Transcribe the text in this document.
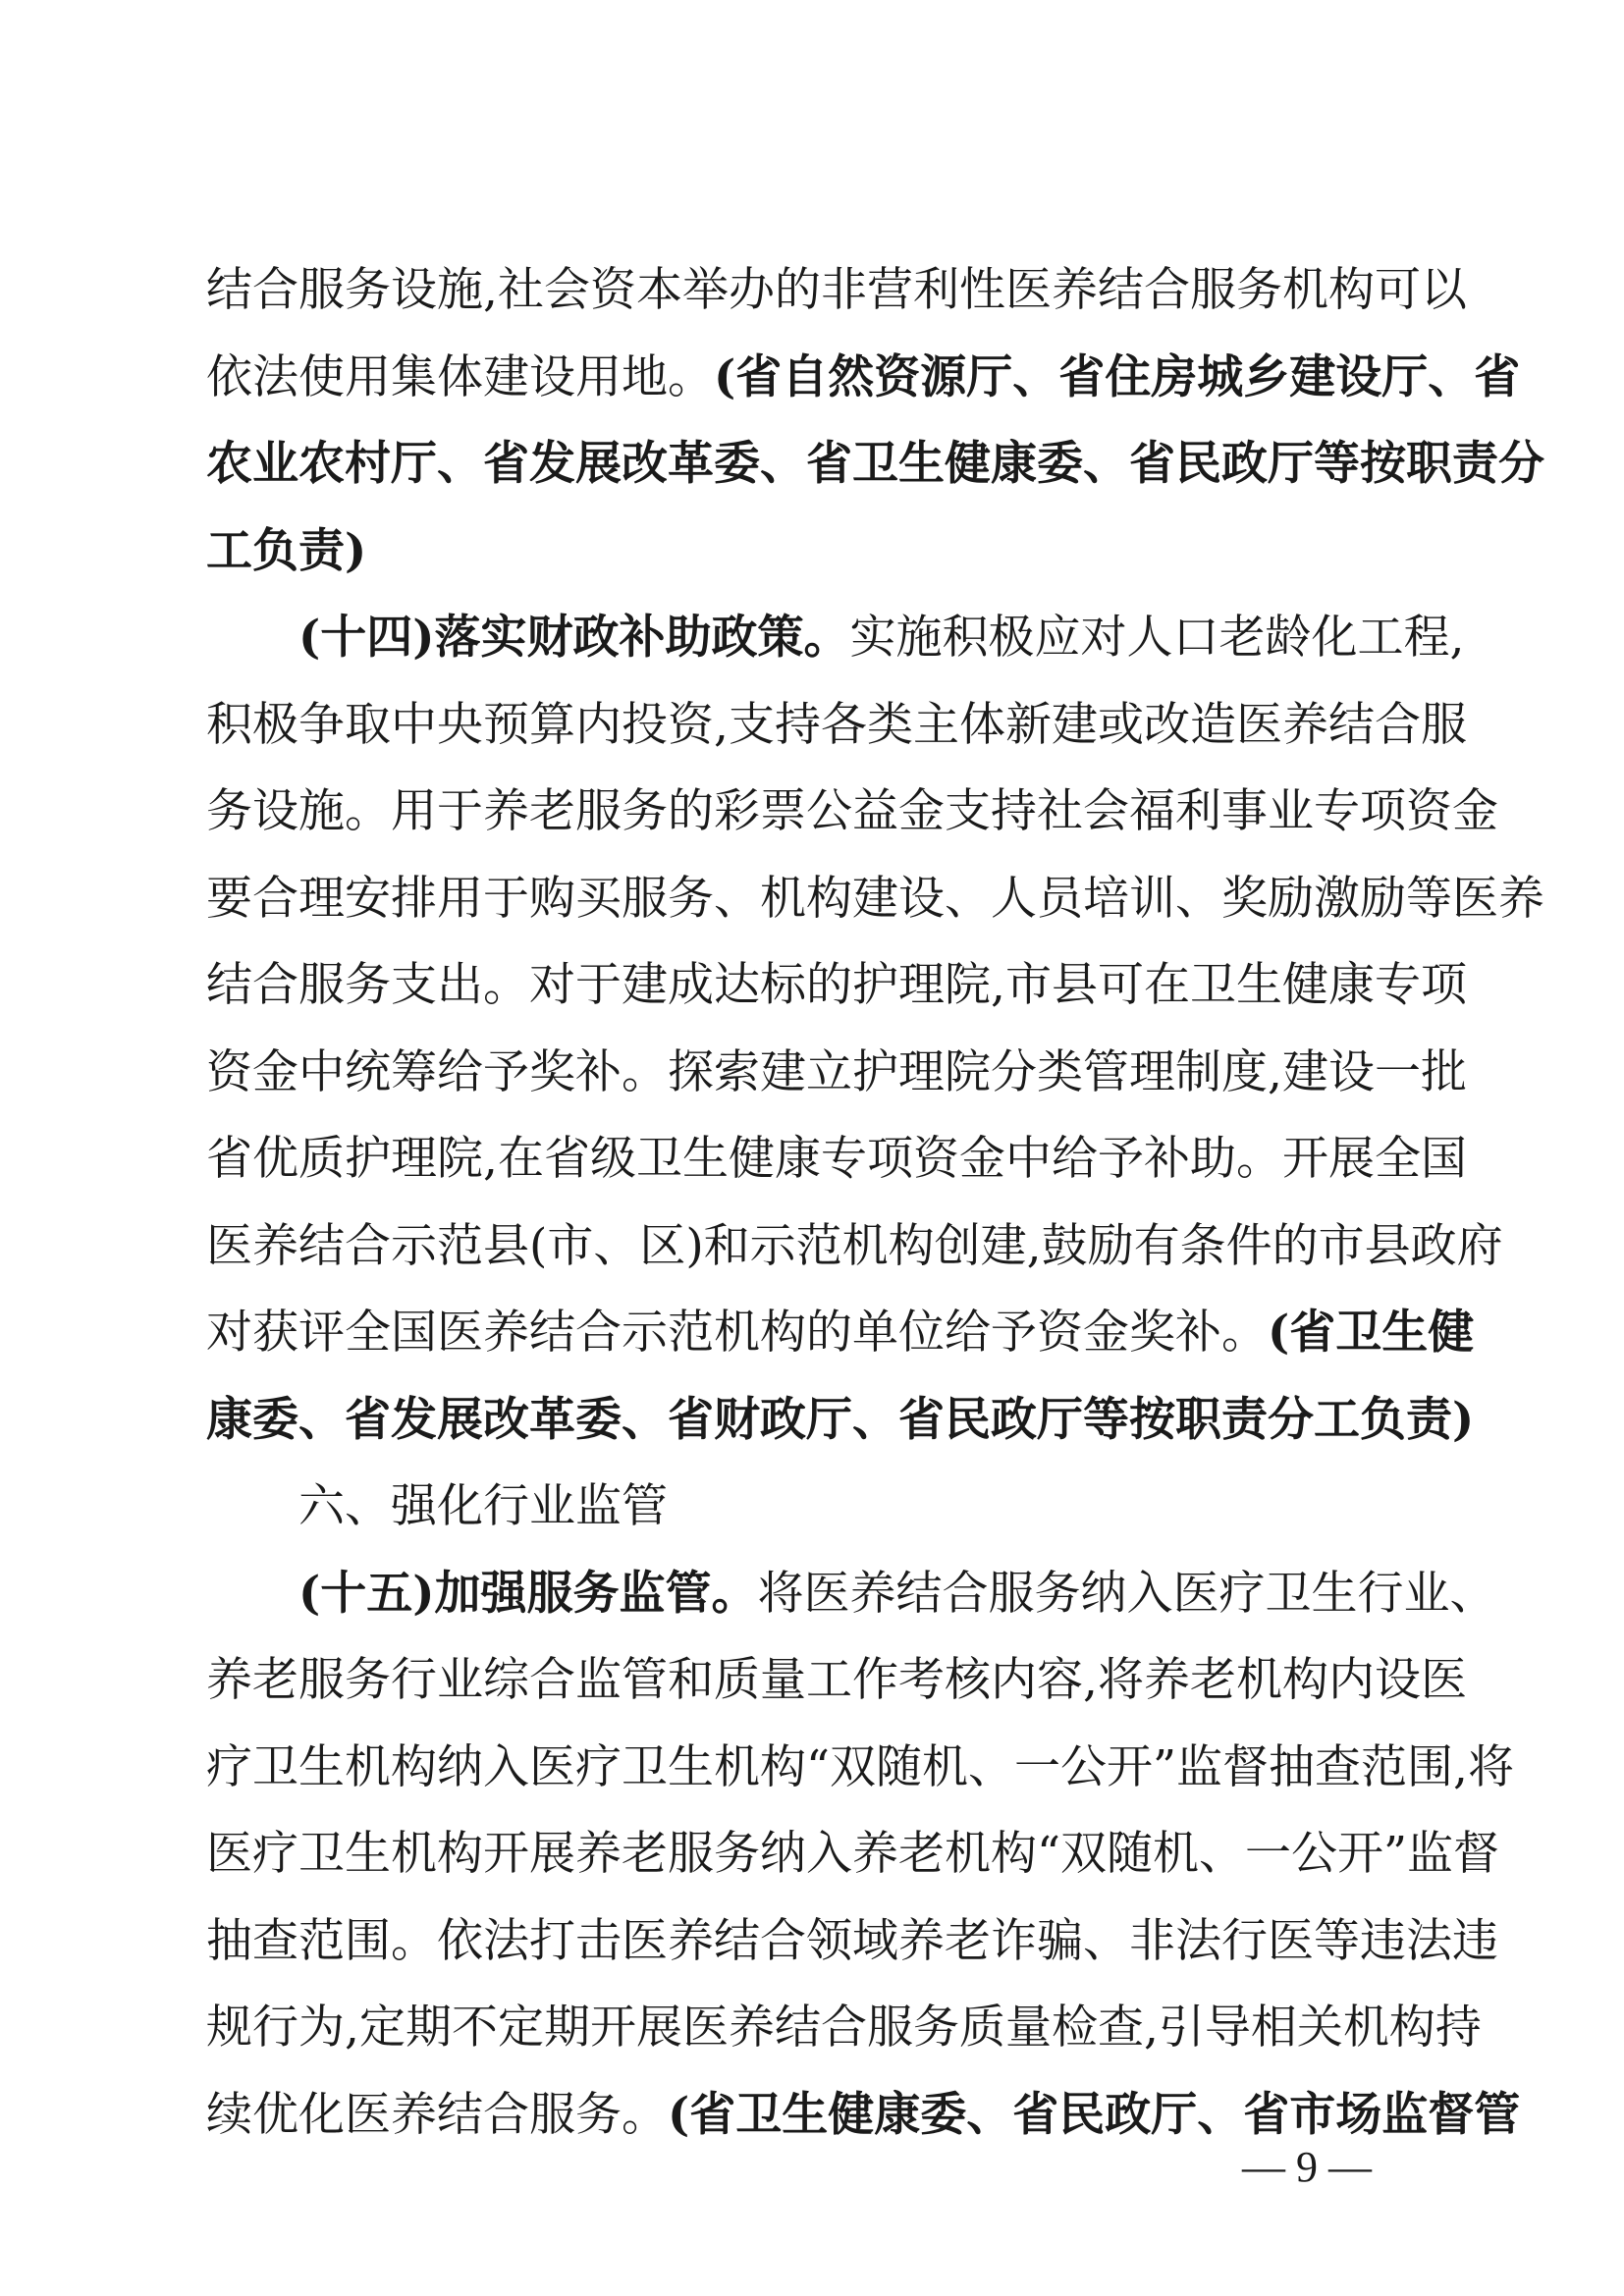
结合服务设施,社会资本举办的非营利性医养结合服务机构可以
依法使用集体建设用地。(省自然资源厅、省住房城乡建设厅、省
农业农村厅、省发展改革委、省卫生健康委、省民政厅等按职责分
工负责)
(十四)落实财政补助政策。实施积极应对人口老龄化工程,
积极争取中央预算内投资,支持各类主体新建或改造医养结合服
务设施。用于养老服务的彩票公益金支持社会福利事业专项资金
要合理安排用于购买服务、机构建设、人员培训、奖励激励等医养
结合服务支出。对于建成达标的护理院,市县可在卫生健康专项
资金中统筹给予奖补。探索建立护理院分类管理制度,建设一批
省优质护理院,在省级卫生健康专项资金中给予补助。开展全国
医养结合示范县(市、区)和示范机构创建,鼓励有条件的市县政府
对获评全国医养结合示范机构的单位给予资金奖补。(省卫生健
康委、省发展改革委、省财政厅、省民政厅等按职责分工负责)
六、强化行业监管
(十五)加强服务监管。将医养结合服务纳入医疗卫生行业、
养老服务行业综合监管和质量工作考核内容,将养老机构内设医
疗卫生机构纳入医疗卫生机构“双随机、一公开”监督抽查范围,将
医疗卫生机构开展养老服务纳入养老机构“双随机、一公开”监督
抽查范围。依法打击医养结合领域养老诈骗、非法行医等违法违
规行为,定期不定期开展医养结合服务质量检查,引导相关机构持
续优化医养结合服务。(省卫生健康委、省民政厅、省市场监督管
— 9 —
